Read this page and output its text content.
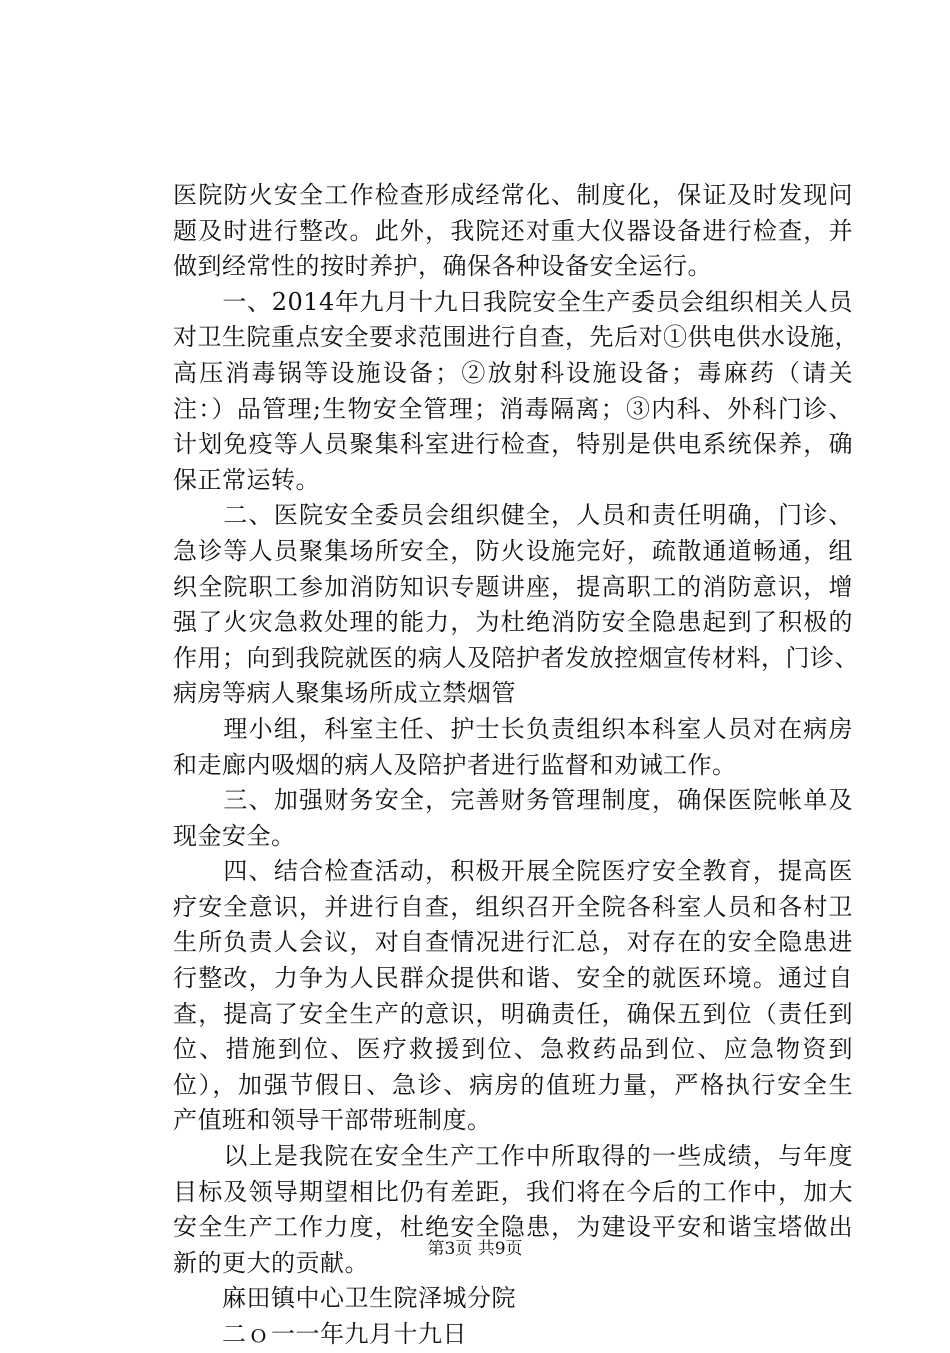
医院防火安全工作检查形成经常化、制度化，保证及时发现问
题及时进行整改。此外，我院还对重大仪器设备进行检查，并
做到经常性的按时养护，确保各种设备安全运行。
　　一、2014年九月十九日我院安全生产委员会组织相关人员
对卫生院重点安全要求范围进行自查，先后对①供电供水设施，
高压消毒锅等设施设备；②放射科设施设备；毒麻药（请关
注：）品管理;生物安全管理；消毒隔离；③内科、外科门诊、
计划免疫等人员聚集科室进行检查，特别是供电系统保养，确
保正常运转。
　　二、医院安全委员会组织健全，人员和责任明确，门诊、
急诊等人员聚集场所安全，防火设施完好，疏散通道畅通，组
织全院职工参加消防知识专题讲座，提高职工的消防意识，增
强了火灾急救处理的能力，为杜绝消防安全隐患起到了积极的
作用；向到我院就医的病人及陪护者发放控烟宣传材料，门诊、
病房等病人聚集场所成立禁烟管
　　理小组，科室主任、护士长负责组织本科室人员对在病房
和走廊内吸烟的病人及陪护者进行监督和劝诫工作。
　　三、加强财务安全，完善财务管理制度，确保医院帐单及
现金安全。
　　四、结合检查活动，积极开展全院医疗安全教育，提高医
疗安全意识，并进行自查，组织召开全院各科室人员和各村卫
生所负责人会议，对自查情况进行汇总，对存在的安全隐患进
行整改，力争为人民群众提供和谐、安全的就医环境。通过自
查，提高了安全生产的意识，明确责任，确保五到位（责任到
位、措施到位、医疗救援到位、急救药品到位、应急物资到
位），加强节假日、急诊、病房的值班力量，严格执行安全生
产值班和领导干部带班制度。
　　以上是我院在安全生产工作中所取得的一些成绩，与年度
目标及领导期望相比仍有差距，我们将在今后的工作中，加大
安全生产工作力度，杜绝安全隐患，为建设平安和谐宝塔做出
新的更大的贡献。
　　麻田镇中心卫生院泽城分院
　　二ｏ一一年九月十九日
第3页 共9页
